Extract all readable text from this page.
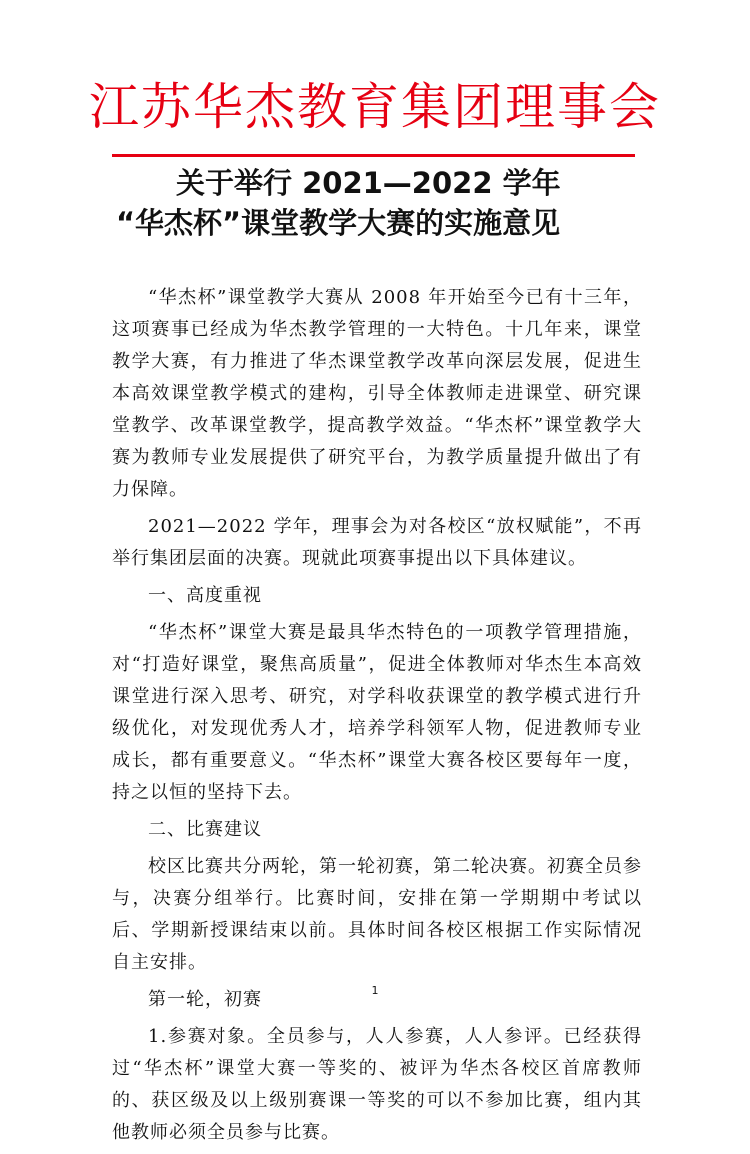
江苏华杰教育集团理事会
关于举行 2021—2022 学年
“华杰杯”课堂教学大赛的实施意见

“华杰杯”课堂教学大赛从 2008 年开始至今已有十三年，这项赛事已经成为华杰教学管理的一大特色。十几年来，课堂教学大赛，有力推进了华杰课堂教学改革向深层发展，促进生本高效课堂教学模式的建构，引导全体教师走进课堂、研究课堂教学、改革课堂教学，提高教学效益。“华杰杯”课堂教学大赛为教师专业发展提供了研究平台，为教学质量提升做出了有力保障。

2021—2022 学年，理事会为对各校区“放权赋能”，不再举行集团层面的决赛。现就此项赛事提出以下具体建议。

一、高度重视

“华杰杯”课堂大赛是最具华杰特色的一项教学管理措施，对“打造好课堂，聚焦高质量”，促进全体教师对华杰生本高效课堂进行深入思考、研究，对学科收获课堂的教学模式进行升级优化，对发现优秀人才，培养学科领军人物，促进教师专业成长，都有重要意义。“华杰杯”课堂大赛各校区要每年一度，持之以恒的坚持下去。

二、比赛建议

校区比赛共分两轮，第一轮初赛，第二轮决赛。初赛全员参与，决赛分组举行。比赛时间，安排在第一学期期中考试以后、学期新授课结束以前。具体时间各校区根据工作实际情况自主安排。

第一轮，初赛

1.参赛对象。全员参与，人人参赛，人人参评。已经获得过“华杰杯”课堂大赛一等奖的、被评为华杰各校区首席教师的、获区级及以上级别赛课一等奖的可以不参加比赛，组内其他教师必须全员参与比赛。

1
